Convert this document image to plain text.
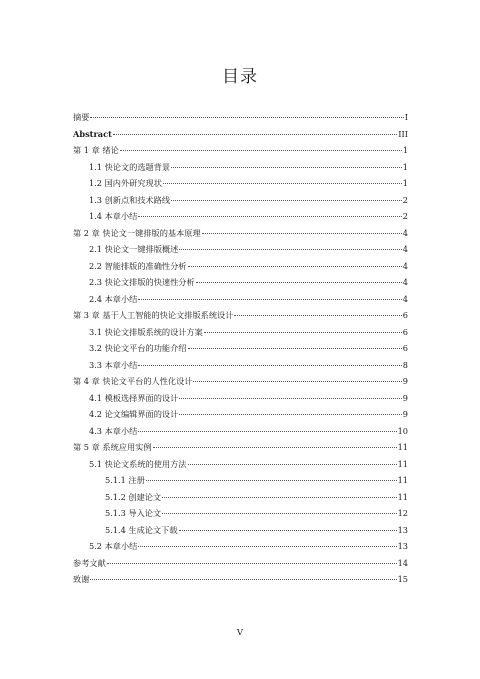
目录
摘要	I
Abstract	III
第 1 章 绪论	1
1.1 快论文的选题背景	1
1.2 国内外研究现状	1
1.3 创新点和技术路线	2
1.4 本章小结	2
第 2 章 快论文一键排版的基本原理	4
2.1 快论文一键排版概述	4
2.2 智能排版的准确性分析	4
2.3 快论文排版的快速性分析	4
2.4 本章小结	4
第 3 章 基于人工智能的快论文排版系统设计	6
3.1 快论文排版系统的设计方案	6
3.2 快论文平台的功能介绍	6
3.3 本章小结	8
第 4 章 快论文平台的人性化设计	9
4.1 模板选择界面的设计	9
4.2 论文编辑界面的设计	9
4.3 本章小结	10
第 5 章 系统应用实例	11
5.1 快论文系统的使用方法	11
5.1.1 注册	11
5.1.2 创建论文	11
5.1.3 导入论文	12
5.1.4 生成论文下载	13
5.2 本章小结	13
参考文献	14
致谢	15
V
